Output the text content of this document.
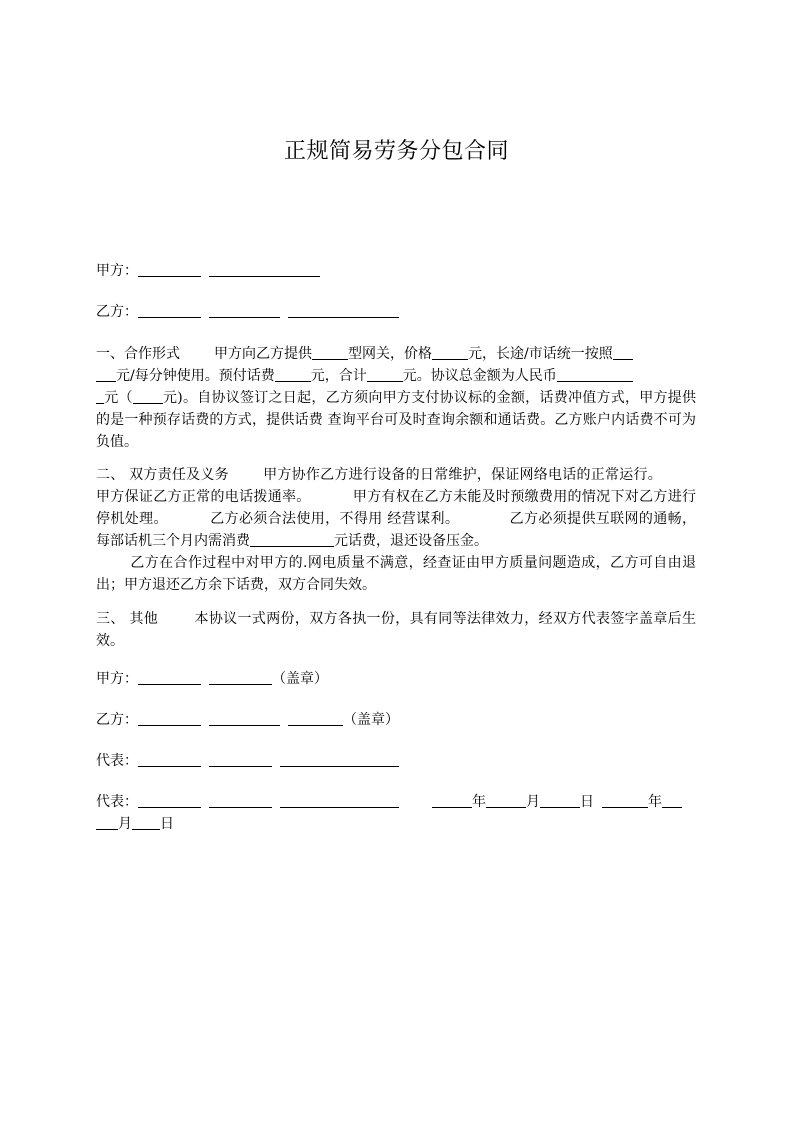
正规简易劳务分包合同
甲方：
乙方：
一、合作形式 甲方向乙方提供	型网关，价格	元，长途/市话统一按照
元/每分钟使用。预付话费	元，合计	元。协议总金额为人民币
元（ 元)。自协议签订之日起，乙方须向甲方支付协议标的金额，话费冲值方式，甲方提供的是一种预存话费的方式，提供话费 查询平台可及时查询余额和通话费。乙方账户内话费不可为负值。
二、 双方责任及义务 甲方协作乙方进行设备的日常维护，保证网络电话的正常运行。甲方保证乙方正常的电话拨通率。	甲方有权在乙方未能及时预缴费用的情况下对乙方进行停机处理。	乙方必须合法使用，不得用 经营谋利。	乙方必须提供互联网的通畅，每部话机三个月内需消费	元话费，退还设备压金。
乙方在合作过程中对甲方的.网电质量不满意，经查证由甲方质量问题造成，乙方可自由退出；甲方退还乙方余下话费，双方合同失效。
三、 其他	本协议一式两份，双方各执一份，具有同等法律效力，经双方代表签字盖章后生效。
甲方：	（盖章）
乙方：	（盖章）
代表：
代表：	年	月	日	年
月 日
